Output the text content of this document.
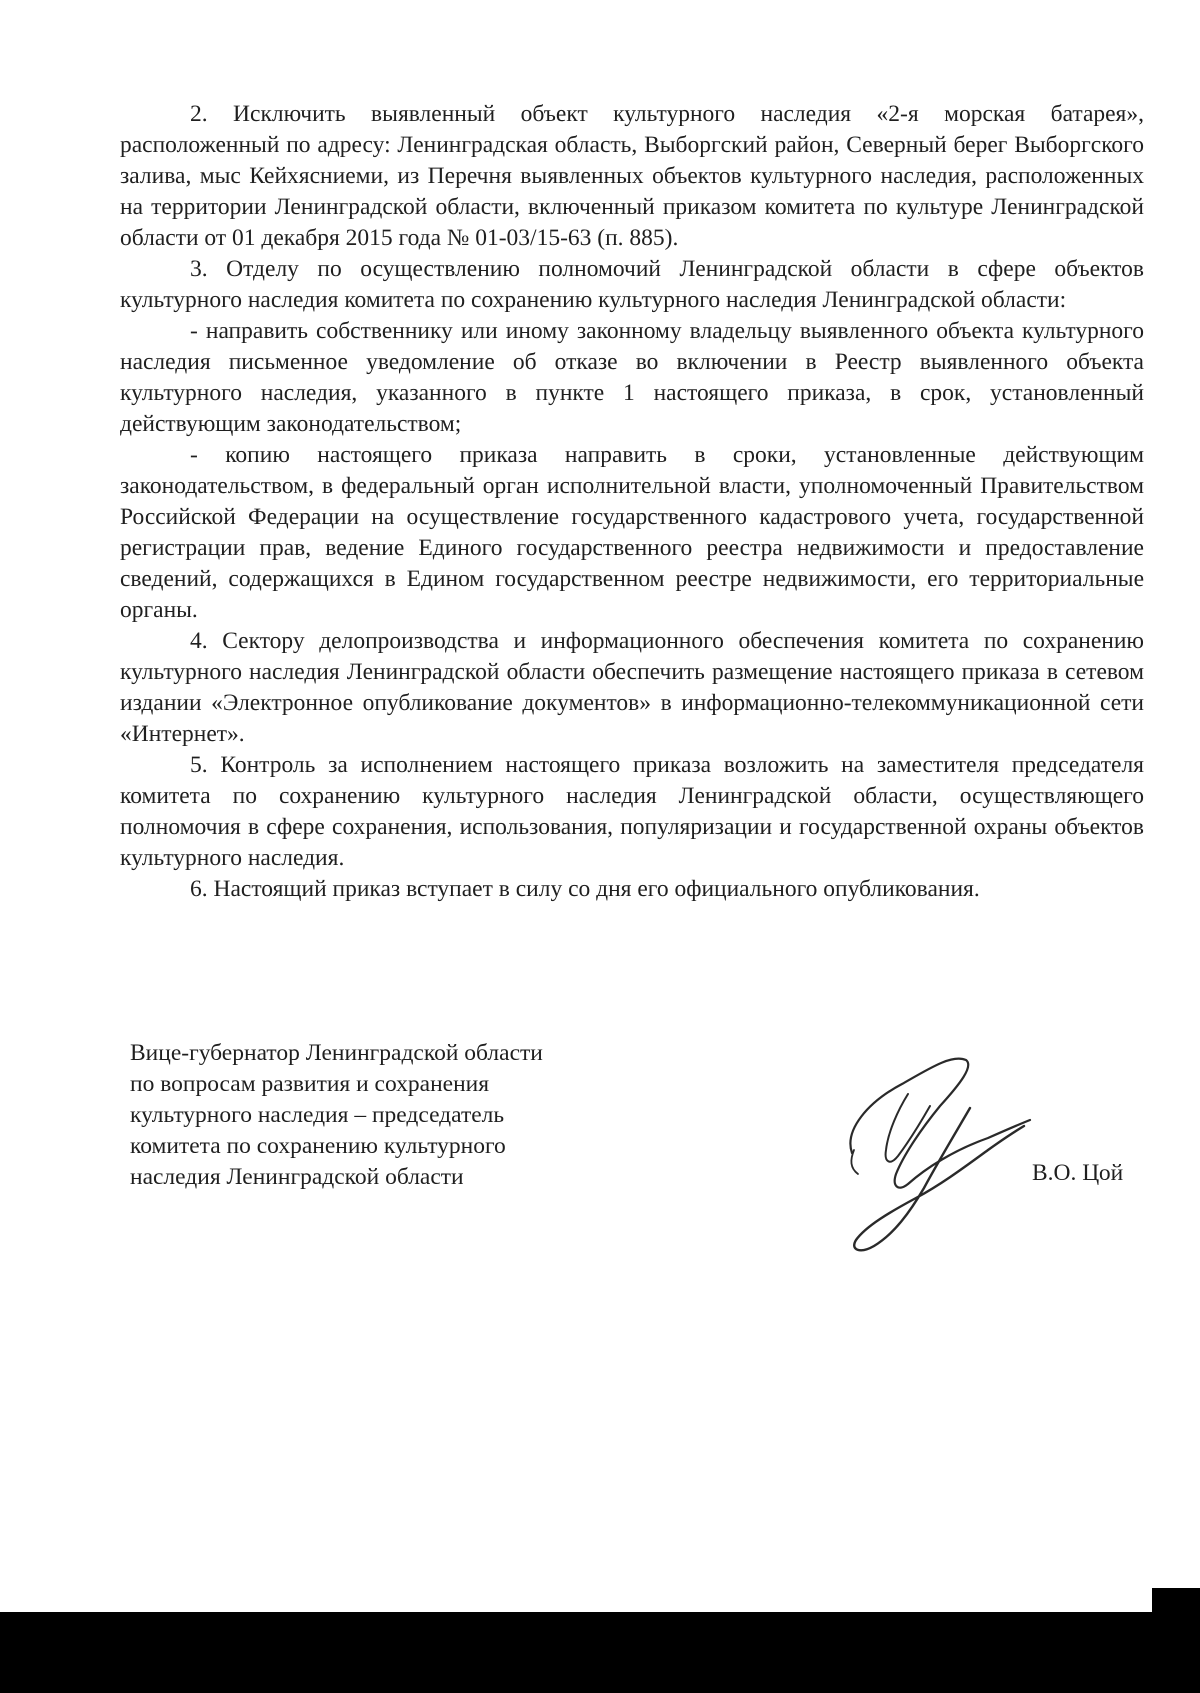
2. Исключить выявленный объект культурного наследия «2-я морская батарея», расположенный по адресу: Ленинградская область, Выборгский район, Северный берег Выборгского залива, мыс Кейхясниеми, из Перечня выявленных объектов культурного наследия, расположенных на территории Ленинградской области, включенный приказом комитета по культуре Ленинградской области от 01 декабря 2015 года № 01-03/15-63 (п. 885).

3. Отделу по осуществлению полномочий Ленинградской области в сфере объектов культурного наследия комитета по сохранению культурного наследия Ленинградской области:

- направить собственнику или иному законному владельцу выявленного объекта культурного наследия письменное уведомление об отказе во включении в Реестр выявленного объекта культурного наследия, указанного в пункте 1 настоящего приказа, в срок, установленный действующим законодательством;

- копию настоящего приказа направить в сроки, установленные действующим законодательством, в федеральный орган исполнительной власти, уполномоченный Правительством Российской Федерации на осуществление государственного кадастрового учета, государственной регистрации прав, ведение Единого государственного реестра недвижимости и предоставление сведений, содержащихся в Едином государственном реестре недвижимости, его территориальные органы.

4. Сектору делопроизводства и информационного обеспечения комитета по сохранению культурного наследия Ленинградской области обеспечить размещение настоящего приказа в сетевом издании «Электронное опубликование документов» в информационно-телекоммуникационной сети «Интернет».

5. Контроль за исполнением настоящего приказа возложить на заместителя председателя комитета по сохранению культурного наследия Ленинградской области, осуществляющего полномочия в сфере сохранения, использования, популяризации и государственной охраны объектов культурного наследия.

6. Настоящий приказ вступает в силу со дня его официального опубликования.

Вице-губернатор Ленинградской области
по вопросам развития и сохранения
культурного наследия – председатель
комитета по сохранению культурного
наследия Ленинградской области	В.О. Цой
